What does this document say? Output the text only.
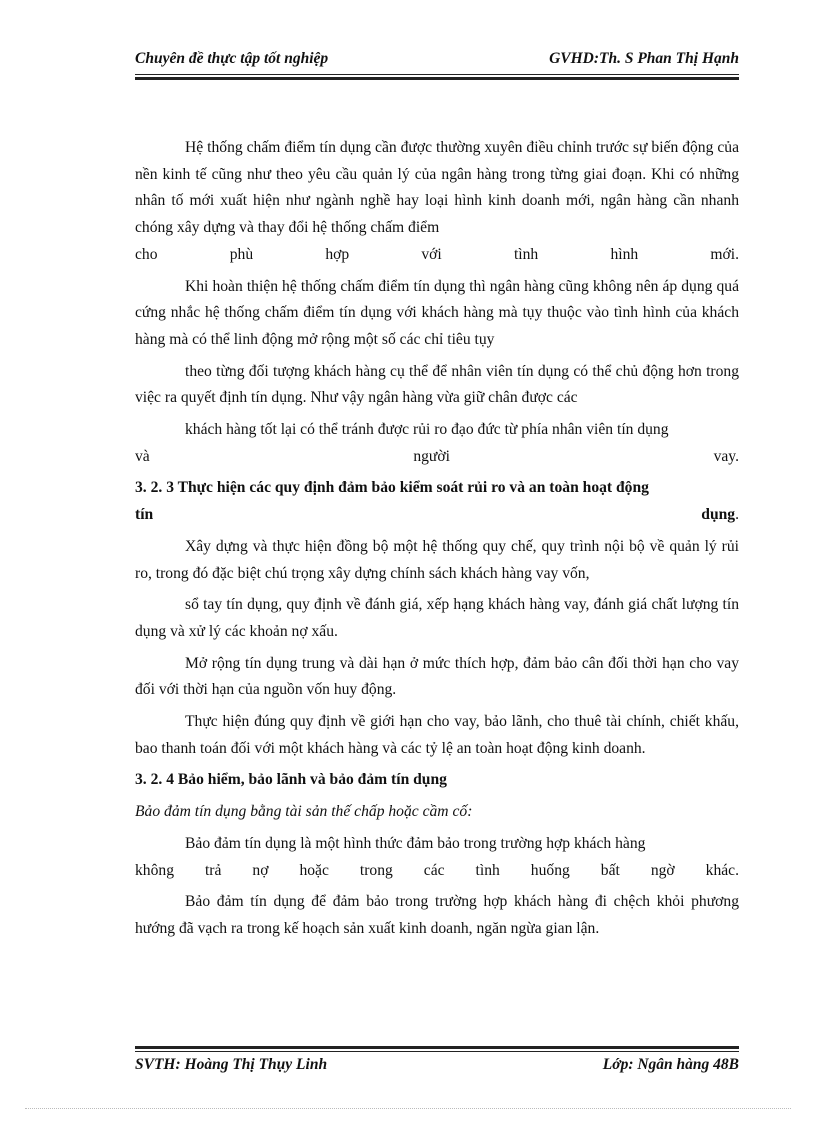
Chuyên đề thực tập tốt nghiệp	GVHD:Th. S Phan Thị Hạnh

Hệ thống chấm điểm tín dụng cần được thường xuyên điều chỉnh trước sự biến động của nền kinh tế cũng như theo yêu cầu quản lý của ngân hàng trong từng giai đoạn. Khi có những nhân tố mới xuất hiện như ngành nghề hay loại hình kinh doanh mới, ngân hàng cần nhanh chóng xây dựng và thay đổi hệ thống chấm điểm

cho phù hợp với tình hình mới.

Khi hoàn thiện hệ thống chấm điểm tín dụng thì ngân hàng cũng không nên áp dụng quá cứng nhắc hệ thống chấm điểm tín dụng với khách hàng mà tụy thuộc vào tình hình của khách hàng mà có thể linh động mở rộng một số các chỉ tiêu tụy

theo từng đối tượng khách hàng cụ thể để nhân viên tín dụng có thể chủ động hơn trong việc ra quyết định tín dụng. Như vậy ngân hàng vừa giữ chân được các

khách hàng tốt lại có thể tránh được rủi ro đạo đức từ phía nhân viên tín dụng

và người vay.

3. 2. 3 Thực hiện các quy định đảm bảo kiểm soát rủi ro và an toàn hoạt động
tín	dụng.

Xây dựng và thực hiện đồng bộ một hệ thống quy chế, quy trình nội bộ về quản lý rủi ro, trong đó đặc biệt chú trọng xây dựng chính sách khách hàng vay vốn,

sổ tay tín dụng, quy định về đánh giá, xếp hạng khách hàng vay, đánh giá chất lượng tín dụng và xử lý các khoản nợ xấu.

Mở rộng tín dụng trung và dài hạn ở mức thích hợp, đảm bảo cân đối thời hạn cho vay đối với thời hạn của nguồn vốn huy động.

Thực hiện đúng quy định về giới hạn cho vay, bảo lãnh, cho thuê tài chính, chiết khấu, bao thanh toán đối với một khách hàng và các tỷ lệ an toàn hoạt động kinh doanh.

3. 2. 4 Bảo hiểm, bảo lãnh và bảo đảm tín dụng
Bảo đảm tín dụng bằng tài sản thế chấp hoặc cầm cố:

Bảo đảm tín dụng là một hình thức đảm bảo trong trường hợp khách hàng

không trả nợ hoặc trong các tình huống bất ngờ khác.

Bảo đảm tín dụng để đảm bảo trong trường hợp khách hàng đi chệch khỏi phương hướng đã vạch ra trong kế hoạch sản xuất kinh doanh, ngăn ngừa gian lận.

SVTH: Hoàng Thị Thụy Linh	Lớp: Ngân hàng 48B
